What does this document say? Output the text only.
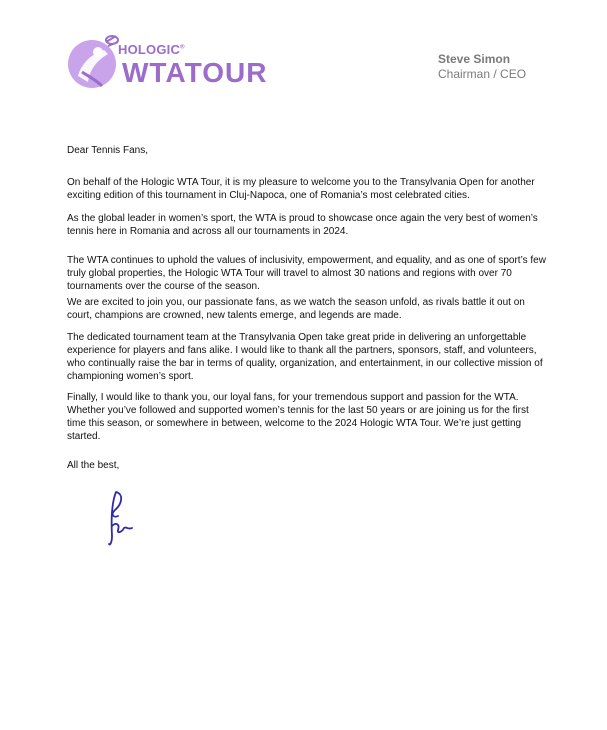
HOLOGIC®
WTATOUR	Steve Simon
Chairman / CEO

Dear Tennis Fans,

On behalf of the Hologic WTA Tour, it is my pleasure to welcome you to the Transylvania Open for another exciting edition of this tournament in Cluj-Napoca, one of Romania’s most celebrated cities.

As the global leader in women’s sport, the WTA is proud to showcase once again the very best of women’s tennis here in Romania and across all our tournaments in 2024.

The WTA continues to uphold the values of inclusivity, empowerment, and equality, and as one of sport’s few truly global properties, the Hologic WTA Tour will travel to almost 30 nations and regions with over 70 tournaments over the course of the season.

We are excited to join you, our passionate fans, as we watch the season unfold, as rivals battle it out on court, champions are crowned, new talents emerge, and legends are made.

The dedicated tournament team at the Transylvania Open take great pride in delivering an unforgettable experience for players and fans alike. I would like to thank all the partners, sponsors, staff, and volunteers, who continually raise the bar in terms of quality, organization, and entertainment, in our collective mission of championing women’s sport.

Finally, I would like to thank you, our loyal fans, for your tremendous support and passion for the WTA. Whether you’ve followed and supported women’s tennis for the last 50 years or are joining us for the first time this season, or somewhere in between, welcome to the 2024 Hologic WTA Tour. We’re just getting started.

All the best,
